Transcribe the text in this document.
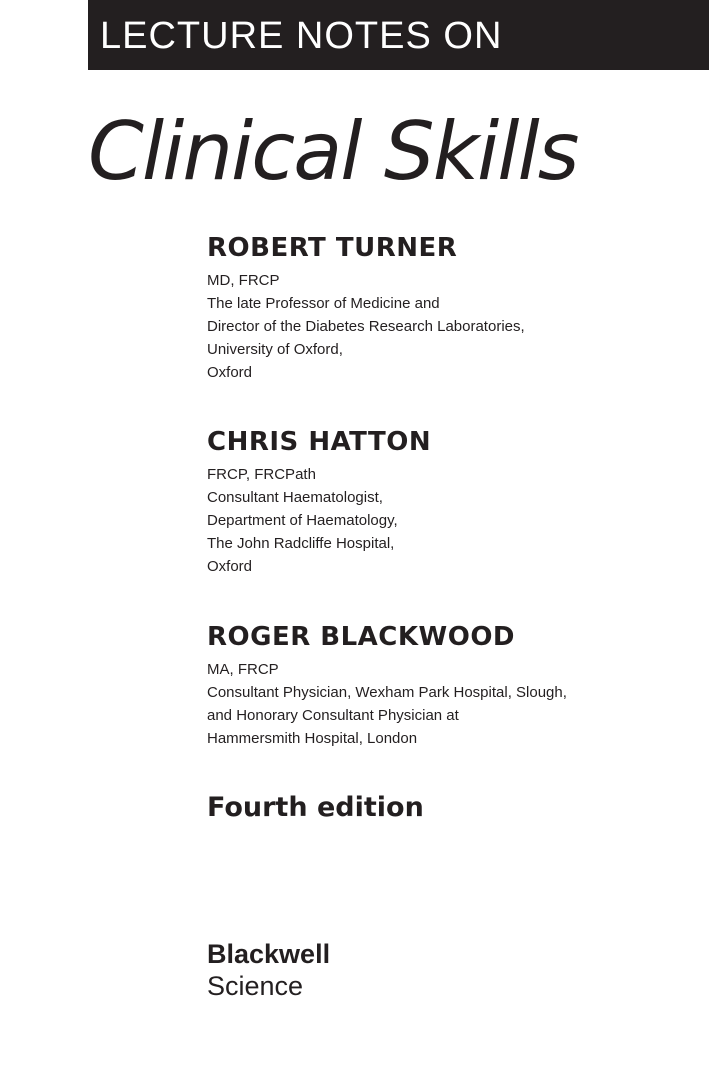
LECTURE NOTES ON
Clinical Skills
ROBERT TURNER
MD, FRCP
The late Professor of Medicine and
Director of the Diabetes Research Laboratories,
University of Oxford,
Oxford
CHRIS HATTON
FRCP, FRCPath
Consultant Haematologist,
Department of Haematology,
The John Radcliffe Hospital,
Oxford
ROGER BLACKWOOD
MA, FRCP
Consultant Physician, Wexham Park Hospital, Slough,
and Honorary Consultant Physician at
Hammersmith Hospital, London
Fourth edition
Blackwell
Science
